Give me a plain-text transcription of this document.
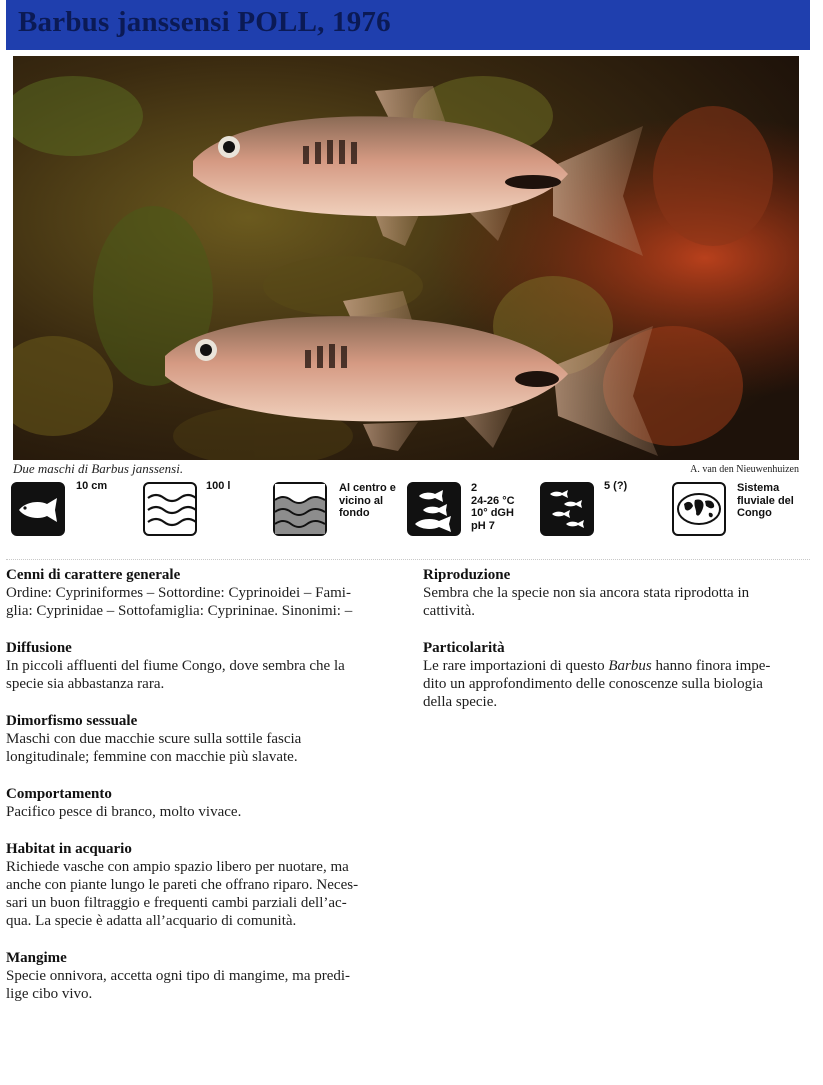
Barbus janssensi POLL, 1976
Due maschi di Barbus janssensi.	A. van den Nieuwenhuizen
10 cm	100 l	Al centro e
vicino al
fondo
2
24-26 °C
10° dGH
pH 7
5 (?)	Sistema
fluviale del
Congo
Cenni di carattere generale

Ordine: Cypriniformes – Sottordine: Cyprinoidei – Fami-
glia: Cyprinidae – Sottofamiglia: Cyprininae. Sinonimi: –

Diffusione

In piccoli affluenti del fiume Congo, dove sembra che la
specie sia abbastanza rara.

Dimorfismo sessuale

Maschi con due macchie scure sulla sottile fascia
longitudinale; femmine con macchie più slavate.

Comportamento

Pacifico pesce di branco, molto vivace.

Habitat in acquario

Richiede vasche con ampio spazio libero per nuotare, ma
anche con piante lungo le pareti che offrano riparo. Neces-
sari un buon filtraggio e frequenti cambi parziali dell’ac-
qua. La specie è adatta all’acquario di comunità.

Mangime

Specie onnivora, accetta ogni tipo di mangime, ma predi-
lige cibo vivo.

Riproduzione

Sembra che la specie non sia ancora stata riprodotta in
cattività.

Particolarità

Le rare importazioni di questo Barbus hanno finora impe-
dito un approfondimento delle conoscenze sulla biologia
della specie.
